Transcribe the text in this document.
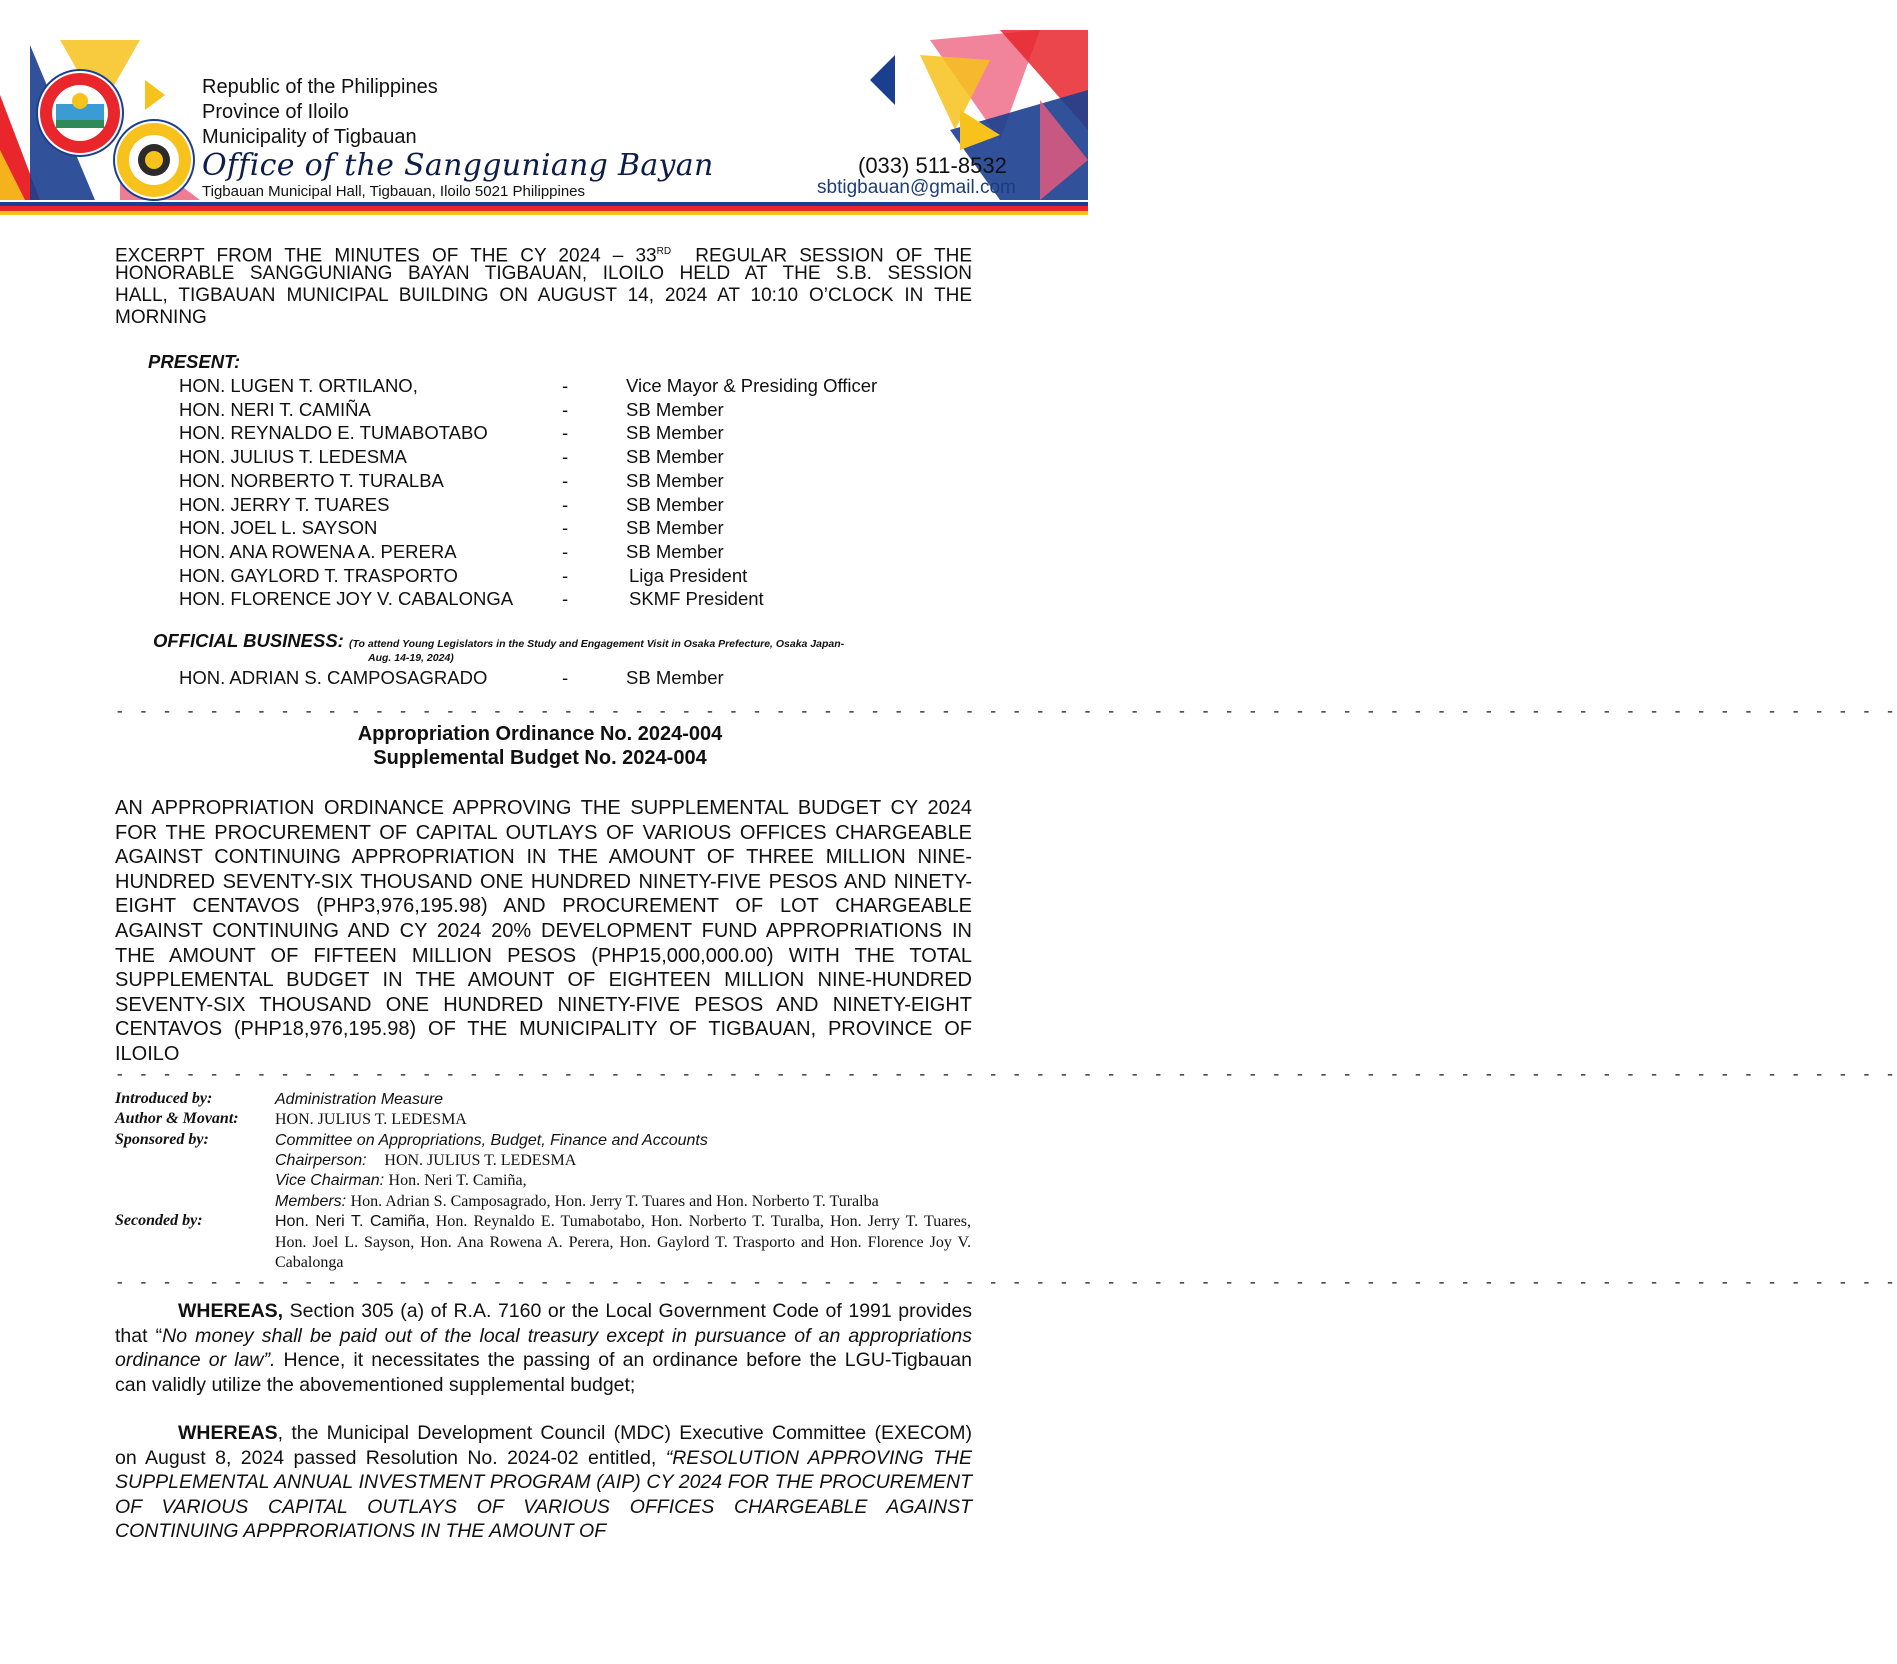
Republic of the Philippines
Province of Iloilo
Municipality of Tigbauan
Office of the Sangguniang Bayan
Tigbauan Municipal Hall, Tigbauan, Iloilo 5021 Philippines
(033) 511-8532
sbtigbauan@gmail.com
EXCERPT FROM THE MINUTES OF THE CY 2024 – 33RD REGULAR SESSION OF THE
HONORABLE SANGGUNIANG BAYAN TIGBAUAN, ILOILO HELD AT THE S.B. SESSION
HALL, TIGBAUAN MUNICIPAL BUILDING ON AUGUST 14, 2024 AT 10:10 O’CLOCK IN THE
MORNING
PRESENT:
HON. LUGEN T. ORTILANO,	-	Vice Mayor & Presiding Officer
HON. NERI T. CAMIÑA	-	SB Member
HON. REYNALDO E. TUMABOTABO	-	SB Member
HON. JULIUS T. LEDESMA	-	SB Member
HON. NORBERTO T. TURALBA	-	SB Member
HON. JERRY T. TUARES	-	SB Member
HON. JOEL L. SAYSON	-	SB Member
HON. ANA ROWENA A. PERERA	-	SB Member
HON. GAYLORD T. TRASPORTO	-	Liga President
HON. FLORENCE JOY V. CABALONGA	-	SKMF President
OFFICIAL BUSINESS: (To attend Young Legislators in the Study and Engagement Visit in Osaka Prefecture, Osaka Japan-
Aug. 14-19, 2024)
HON. ADRIAN S. CAMPOSAGRADO	-	SB Member
- - - - - - - - - - - - - - - - - - - - - - - - - - - - - - - - - - - - - - - - - - - - - - - - - - - - - - - - - - - - - - - - - - - - - - - - - - - -
Appropriation Ordinance No. 2024-004
Supplemental Budget No. 2024-004
AN APPROPRIATION ORDINANCE APPROVING THE SUPPLEMENTAL BUDGET CY 2024 FOR THE PROCUREMENT OF CAPITAL OUTLAYS OF VARIOUS OFFICES CHARGEABLE AGAINST CONTINUING APPROPRIATION IN THE AMOUNT OF THREE MILLION NINE-HUNDRED SEVENTY-SIX THOUSAND ONE HUNDRED NINETY-FIVE PESOS AND NINETY-EIGHT CENTAVOS (PHP3,976,195.98) AND PROCUREMENT OF LOT CHARGEABLE AGAINST CONTINUING AND CY 2024 20% DEVELOPMENT FUND APPROPRIATIONS IN THE AMOUNT OF FIFTEEN MILLION PESOS (PHP15,000,000.00) WITH THE TOTAL SUPPLEMENTAL BUDGET IN THE AMOUNT OF EIGHTEEN MILLION NINE-HUNDRED SEVENTY-SIX THOUSAND ONE HUNDRED NINETY-FIVE PESOS AND NINETY-EIGHT CENTAVOS (PHP18,976,195.98) OF THE MUNICIPALITY OF TIGBAUAN, PROVINCE OF ILOILO
- - - - - - - - - - - - - - - - - - - - - - - - - - - - - - - - - - - - - - - - - - - - - - - - - - - - - - - - - - - - - - - - - - - - - - - - - - - -
Introduced by:	Administration Measure
Author & Movant: HON. JULIUS T. LEDESMA
Sponsored by:	Committee on Appropriations, Budget, Finance and Accounts
Chairperson: HON. JULIUS T. LEDESMA
Vice Chairman: Hon. Neri T. Camiña,
Members: Hon. Adrian S. Camposagrado, Hon. Jerry T. Tuares and Hon. Norberto T. Turalba
Seconded by:	Hon. Neri T. Camiña, Hon. Reynaldo E. Tumabotabo, Hon. Norberto T. Turalba, Hon. Jerry T. Tuares, Hon. Joel L. Sayson, Hon. Ana Rowena A. Perera, Hon. Gaylord T. Trasporto and Hon. Florence Joy V. Cabalonga
- - - - - - - - - - - - - - - - - - - - - - - - - - - - - - - - - - - - - - - - - - - - - - - - - - - - - - - - - - - - - - - - - - - - - - - - - - - -
WHEREAS, Section 305 (a) of R.A. 7160 or the Local Government Code of 1991 provides that “No money shall be paid out of the local treasury except in pursuance of an appropriations ordinance or law”. Hence, it necessitates the passing of an ordinance before the LGU-Tigbauan can validly utilize the abovementioned supplemental budget;
WHEREAS, the Municipal Development Council (MDC) Executive Committee (EXECOM) on August 8, 2024 passed Resolution No. 2024-02 entitled, “RESOLUTION APPROVING THE SUPPLEMENTAL ANNUAL INVESTMENT PROGRAM (AIP) CY 2024 FOR THE PROCUREMENT OF VARIOUS CAPITAL OUTLAYS OF VARIOUS OFFICES CHARGEABLE AGAINST CONTINUING APPPRORIATIONS IN THE AMOUNT OF
